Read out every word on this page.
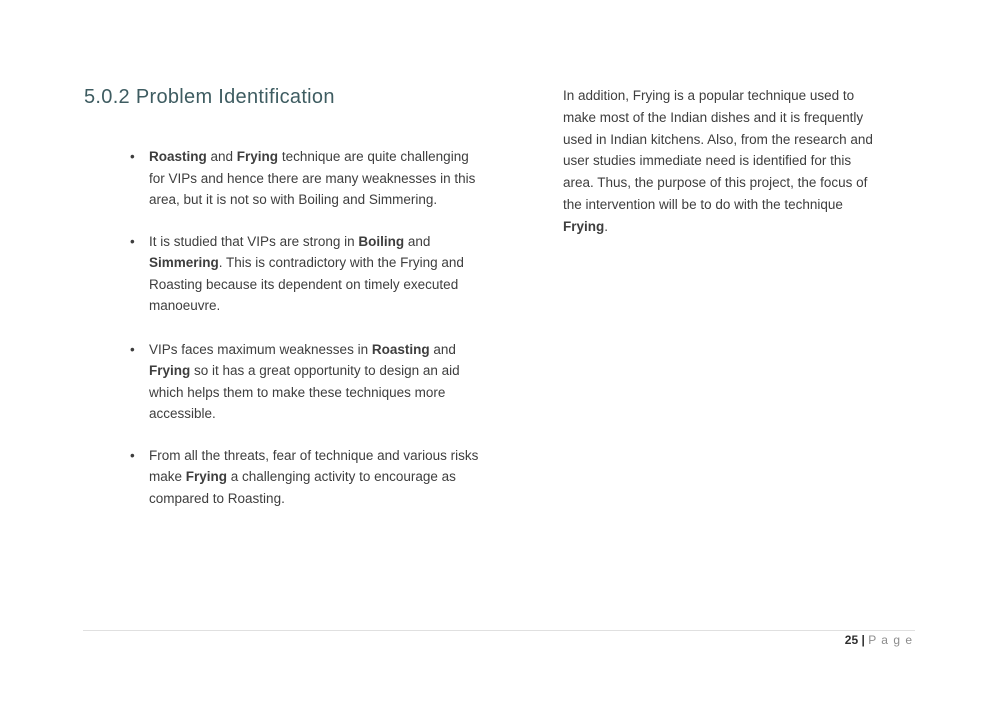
5.0.2 Problem Identification
• Roasting and Frying technique are quite challenging for VIPs and hence there are many weaknesses in this area, but it is not so with Boiling and Simmering.
• It is studied that VIPs are strong in Boiling and Simmering. This is contradictory with the Frying and Roasting because its dependent on timely executed manoeuvre.
• VIPs faces maximum weaknesses in Roasting and Frying so it has a great opportunity to design an aid which helps them to make these techniques more accessible.
• From all the threats, fear of technique and various risks make Frying a challenging activity to encourage as compared to Roasting.

In addition, Frying is a popular technique used to make most of the Indian dishes and it is frequently used in Indian kitchens. Also, from the research and user studies immediate need is identified for this area. Thus, the purpose of this project, the focus of the intervention will be to do with the technique Frying.

25 | P a g e
